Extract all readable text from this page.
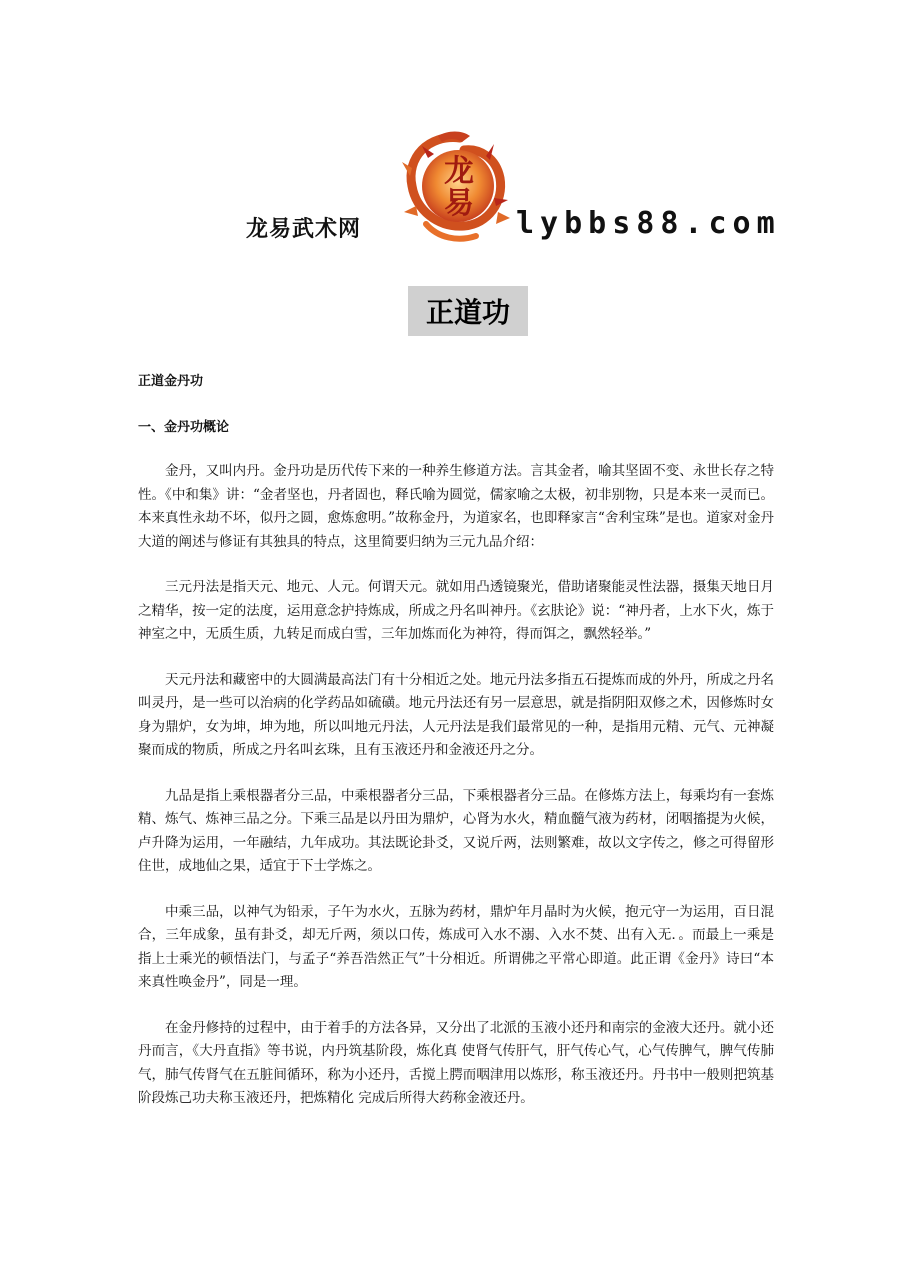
龙易武术网
龙易
lybbs88.com
正道功

正道金丹功

一、金丹功概论

金丹，又叫内丹。金丹功是历代传下来的一种养生修道方法。言其金者，喻其坚固不变、永世长存之特性。《中和集》讲：“金者坚也，丹者固也，释氏喻为圆觉，儒家喻之太极，初非别物，只是本来一灵而已。本来真性永劫不坏，似丹之圆，愈炼愈明。”故称金丹，为道家名，也即释家言“舍利宝珠”是也。道家对金丹大道的阐述与修证有其独具的特点，这里简要归纳为三元九品介绍：

三元丹法是指天元、地元、人元。何谓天元。就如用凸透镜聚光，借助诸聚能灵性法器，摄集天地日月之精华，按一定的法度，运用意念护持炼成，所成之丹名叫神丹。《玄肤论》说：“神丹者，上水下火，炼于神室之中，无质生质，九转足而成白雪，三年加炼而化为神符，得而饵之，飘然轻举。”

天元丹法和藏密中的大圆满最高法门有十分相近之处。地元丹法多指五石提炼而成的外丹，所成之丹名叫灵丹，是一些可以治病的化学药品如硫磺。地元丹法还有另一层意思，就是指阴阳双修之术，因修炼时女身为鼎炉，女为坤，坤为地，所以叫地元丹法，人元丹法是我们最常见的一种，是指用元精、元气、元神凝聚而成的物质，所成之丹名叫玄珠，且有玉液还丹和金液还丹之分。

九品是指上乘根器者分三品，中乘根器者分三品，下乘根器者分三品。在修炼方法上，每乘均有一套炼精、炼气、炼神三品之分。下乘三品是以丹田为鼎炉，心肾为水火，精血髓气液为药材，闭咽搐提为火候，卢升降为运用，一年融结，九年成功。其法既论卦爻，又说斤两，法则繁难，故以文字传之，修之可得留形住世，成地仙之果，适宜于下士学炼之。

中乘三品，以神气为铅汞，子午为水火，五脉为药材，鼎炉年月晶时为火候，抱元守一为运用，百日混合，三年成象，虽有卦爻，却无斤两，须以口传，炼成可入水不溺、入水不焚、出有入无．。而最上一乘是指上士乘光的顿悟法门，与孟子“养吾浩然正气”十分相近。所谓佛之平常心即道。此正谓《金丹》诗曰“本来真性唤金丹”，同是一理。

在金丹修持的过程中，由于着手的方法各异，又分出了北派的玉液小还丹和南宗的金液大还丹。就小还丹而言，《大丹直指》等书说，内丹筑基阶段，炼化真 使肾气传肝气，肝气传心气，心气传脾气，脾气传肺气，肺气传肾气在五脏间循环，称为小还丹，舌搅上腭而咽津用以炼形，称玉液还丹。丹书中一般则把筑基阶段炼己功夫称玉液还丹，把炼精化 完成后所得大药称金液还丹。
